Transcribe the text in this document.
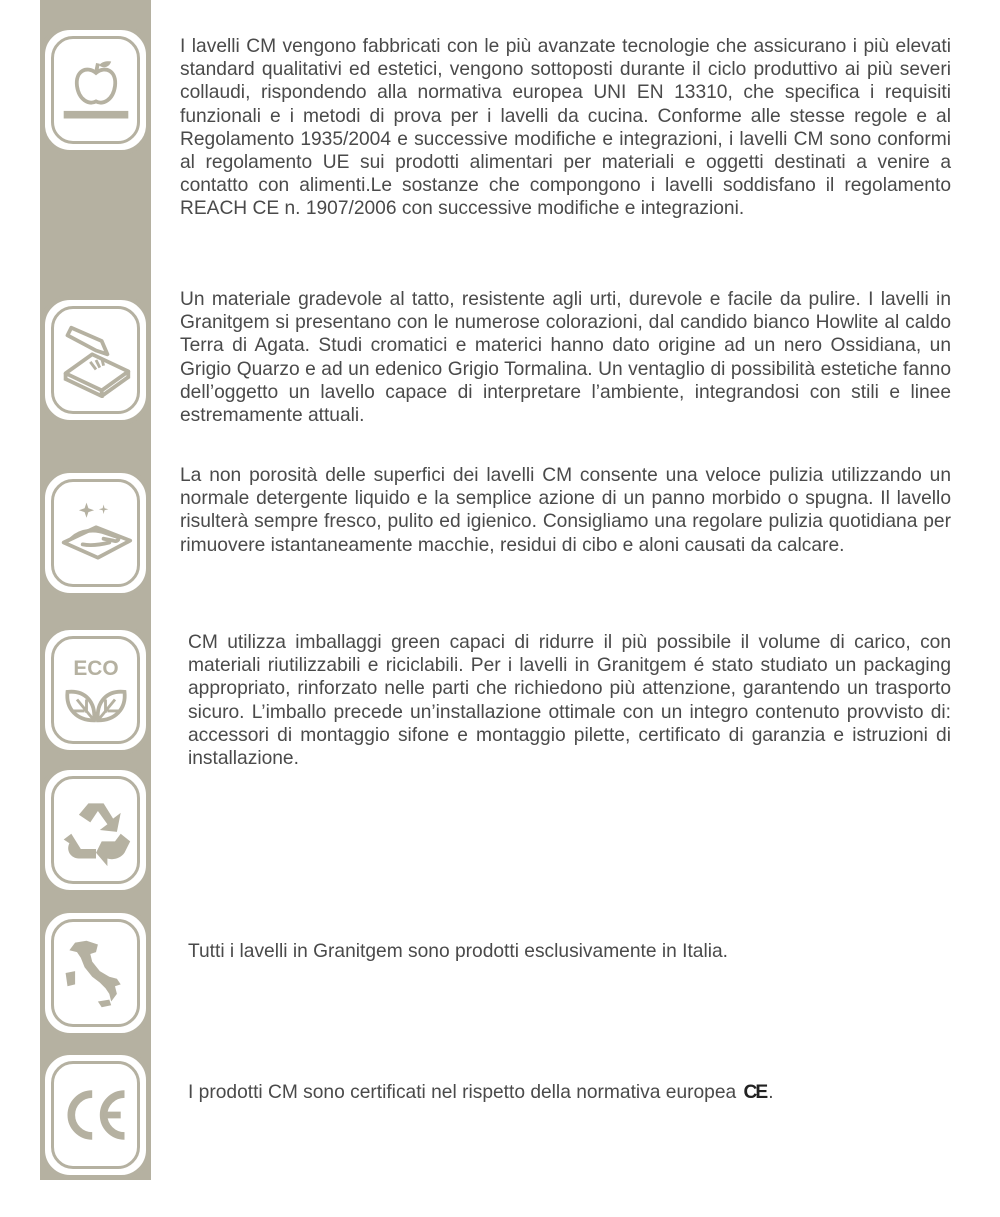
ECO

I lavelli CM vengono fabbricati con le più avanzate tecnologie che assicurano i più elevati standard qualitativi ed estetici, vengono sottoposti durante il ciclo produttivo ai più severi collaudi, rispondendo alla normativa europea UNI EN 13310, che specifica i requisiti funzionali e i metodi di prova per i lavelli da cucina. Conforme alle stesse regole e al Regolamento 1935/2004 e successive modifiche e integrazioni, i lavelli CM sono conformi al regolamento UE sui prodotti alimentari per materiali e oggetti destinati a venire a contatto con alimenti.Le sostanze che compongono i lavelli soddisfano il regolamento REACH CE n. 1907/2006 con successive modifiche e integrazioni.

Un materiale gradevole al tatto, resistente agli urti, durevole e facile da pulire. I lavelli in Granitgem si presentano con le numerose colorazioni, dal candido bianco Howlite al caldo Terra di Agata. Studi cromatici e materici hanno dato origine ad un nero Ossidiana, un Grigio Quarzo e ad un edenico Grigio Tormalina. Un ventaglio di possibilità estetiche fanno dell’oggetto un lavello capace di interpretare l’ambiente, integrandosi con stili e linee estremamente attuali.

La non porosità delle superfici dei lavelli CM consente una veloce pulizia utilizzando un normale detergente liquido e la semplice azione di un panno morbido o spugna. Il lavello risulterà sempre fresco, pulito ed igienico. Consigliamo una regolare pulizia quotidiana per rimuovere istantaneamente macchie, residui di cibo e aloni causati da calcare.

CM utilizza imballaggi green capaci di ridurre il più possibile il volume di carico, con materiali riutilizzabili e riciclabili. Per i lavelli in Granitgem é stato studiato un packaging appropriato, rinforzato nelle parti che richiedono più attenzione, garantendo un trasporto sicuro. L’imballo precede un’installazione ottimale con un integro contenuto provvisto di: accessori di montaggio sifone e montaggio pilette, certificato di garanzia e istruzioni di installazione.

Tutti i lavelli in Granitgem sono prodotti esclusivamente in Italia.

I prodotti CM sono certificati nel rispetto della normativa europea CE .
